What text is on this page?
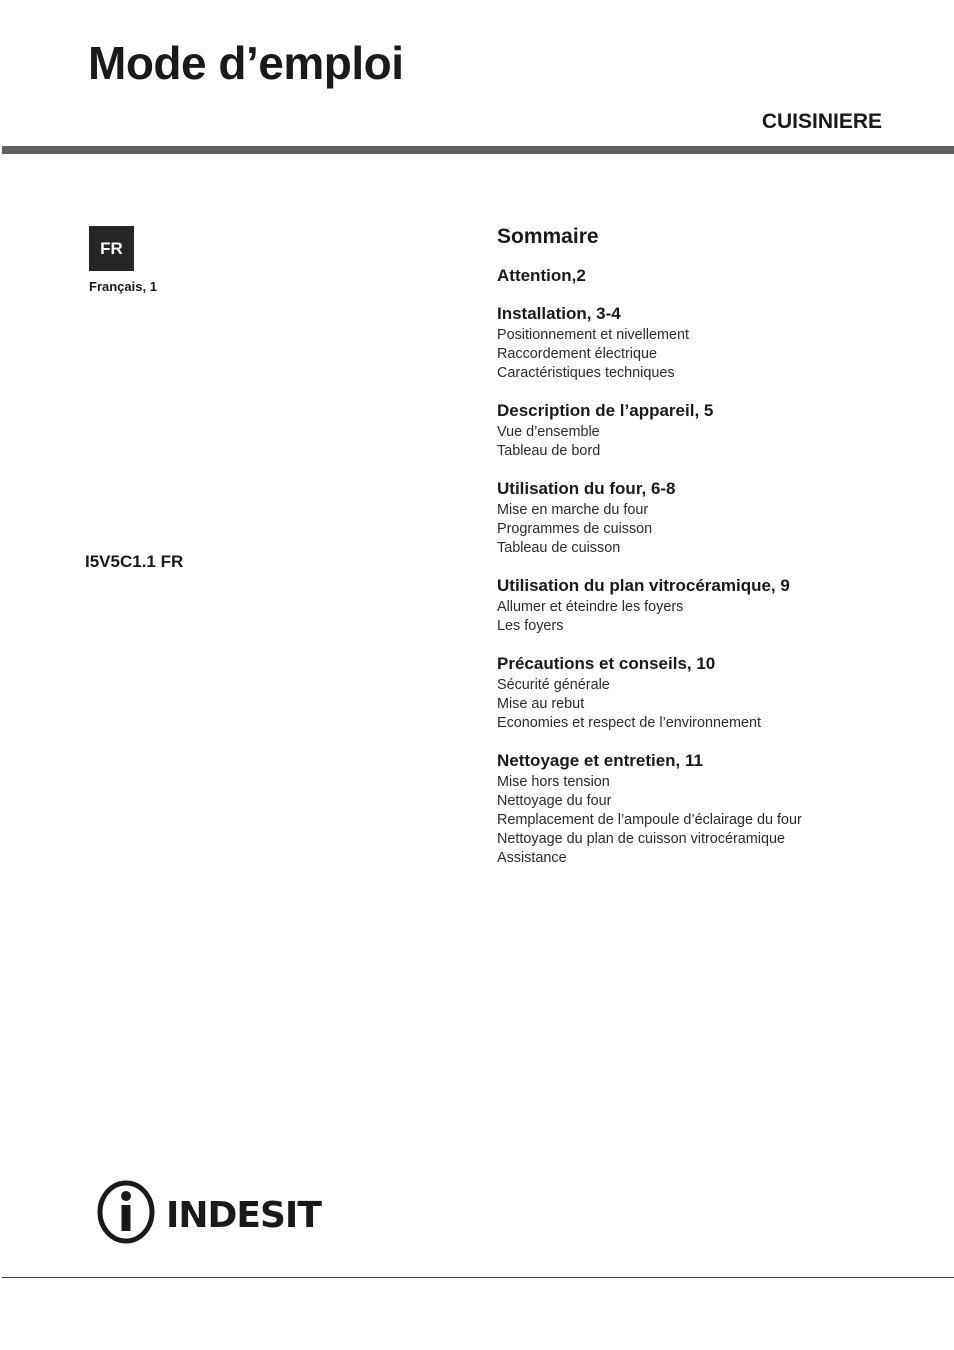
Mode d’emploi
CUISINIERE
FR
Français, 1
I5V5C1.1 FR
Sommaire
Attention,2
Installation, 3-4
Positionnement et nivellement
Raccordement électrique
Caractéristiques techniques
Description de l’appareil, 5
Vue d’ensemble
Tableau de bord
Utilisation du four, 6-8
Mise en marche du four
Programmes de cuisson
Tableau de cuisson
Utilisation du plan vitrocéramique, 9
Allumer et éteindre les foyers
Les foyers
Précautions et conseils, 10
Sécurité générale
Mise au rebut
Economies et respect de l’environnement
Nettoyage et entretien, 11
Mise hors tension
Nettoyage du four
Remplacement de l’ampoule d’éclairage du four
Nettoyage du plan de cuisson vitrocéramique
Assistance
INDESIT
